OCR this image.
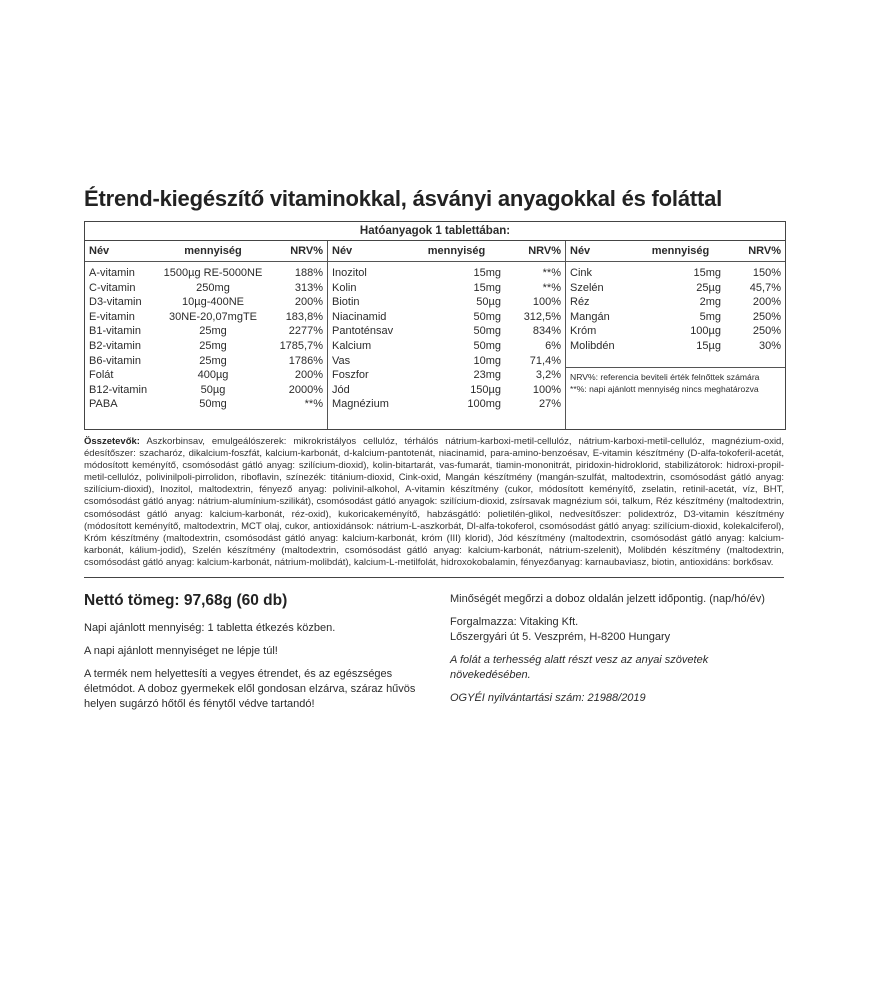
Étrend-kiegészítő vitaminokkal, ásványi anyagokkal és foláttal
Hatóanyagok 1 tablettában:
Név	mennyiség	NRV%
A-vitamin	1500µg RE-5000NE	188%
C-vitamin	250mg	313%
D3-vitamin	10µg-400NE	200%
E-vitamin	30NE-20,07mgTE	183,8%
B1-vitamin	25mg	2277%
B2-vitamin	25mg	1785,7%
B6-vitamin	25mg	1786%
Folát	400µg	200%
B12-vitamin	50µg	2000%
PABA	50mg	**%
Név	mennyiség	NRV%
Inozitol	15mg	**%
Kolin	15mg	**%
Biotin	50µg	100%
Niacinamid	50mg	312,5%
Pantoténsav	50mg	834%
Kalcium	50mg	6%
Vas	10mg	71,4%
Foszfor	23mg	3,2%
Jód	150µg	100%
Magnézium	100mg	27%
Név	mennyiség	NRV%
Cink	15mg	150%
Szelén	25µg	45,7%
Réz	2mg	200%
Mangán	5mg	250%
Króm	100µg	250%
Molibdén	15µg	30%
NRV%: referencia beviteli érték felnőttek számára
**%: napi ajánlott mennyiség nincs meghatározva
Összetevők: Aszkorbinsav, emulgeálószerek: mikrokristályos cellulóz, térhálós nátrium-karboxi-metil-cellulóz, nátrium-karboxi-metil-cellulóz, magnézium-oxid, édesítőszer: szacharóz, dikalcium-foszfát, kalcium-karbonát, d-kalcium-pantotenát, niacinamid, para-amino-benzoésav, E-vitamin készítmény (D-alfa-tokoferil-acetát, módosított keményítő, csomósodást gátló anyag: szilícium-dioxid), kolin-bitartarát, vas-fumarát, tiamin-mononitrát, piridoxin-hidroklorid, stabilizátorok: hidroxi-propil-metil-cellulóz, polivinilpoli-pirrolidon, riboflavin, színezék: titánium-dioxid, Cink-oxid, Mangán készítmény (mangán-szulfát, maltodextrin, csomósodást gátló anyag: szilícium-dioxid), Inozitol, maltodextrin, fényező anyag: polivinil-alkohol, A-vitamin készítmény (cukor, módosított keményítő, zselatin, retinil-acetát, víz, BHT, csomósodást gátló anyag: nátrium-alumínium-szilikát), csomósodást gátló anyagok: szilícium-dioxid, zsírsavak magnézium sói, talkum, Réz készítmény (maltodextrin, csomósodást gátló anyag: kalcium-karbonát, réz-oxid), kukoricakeményítő, habzásgátló: polietilén-glikol, nedvesítőszer: polidextróz, D3-vitamin készítmény (módosított keményítő, maltodextrin, MCT olaj, cukor, antioxidánsok: nátrium-L-aszkorbát, Dl-alfa-tokoferol, csomósodást gátló anyag: szilícium-dioxid, kolekalciferol), Króm készítmény (maltodextrin, csomósodást gátló anyag: kalcium-karbonát, króm (III) klorid), Jód készítmény (maltodextrin, csomósodást gátló anyag: kalcium-karbonát, kálium-jodid), Szelén készítmény (maltodextrin, csomósodást gátló anyag: kalcium-karbonát, nátrium-szelenit), Molibdén készítmény (maltodextrin, csomósodást gátló anyag: kalcium-karbonát, nátrium-molibdát), kalcium-L-metilfolát, hidroxokobalamin, fényezőanyag: karnaubaviasz, biotin, antioxidáns: borkősav.
Nettó tömeg: 97,68g (60 db)

Napi ajánlott mennyiség: 1 tabletta étkezés közben.

A napi ajánlott mennyiséget ne lépje túl!

A termék nem helyettesíti a vegyes étrendet, és az egészséges életmódot. A doboz gyermekek elől gondosan elzárva, száraz hűvös helyen sugárzó hőtől és fénytől védve tartandó!

Minőségét megőrzi a doboz oldalán jelzett időpontig. (nap/hó/év)

Forgalmazza: Vitaking Kft.
Lőszergyári út 5. Veszprém, H-8200 Hungary

A folát a terhesség alatt részt vesz az anyai szövetek növekedésében.

OGYÉI nyilvántartási szám: 21988/2019
